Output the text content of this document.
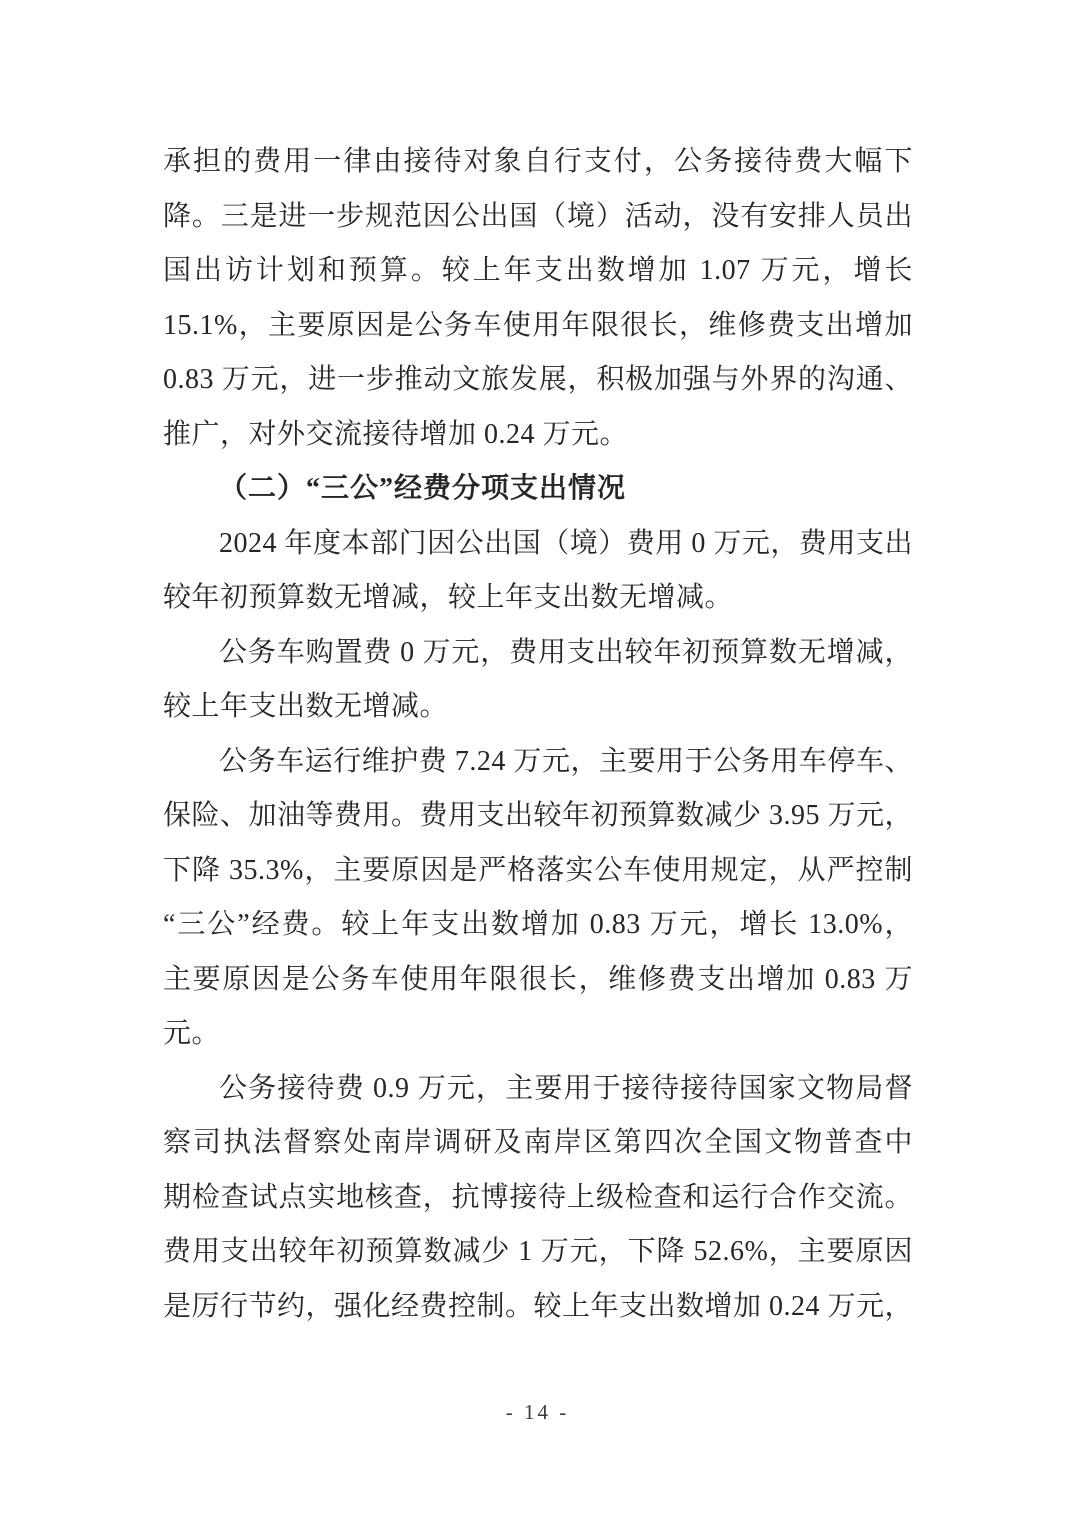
承担的费用一律由接待对象自行支付，公务接待费大幅下
降。三是进一步规范因公出国（境）活动，没有安排人员出
国出访计划和预算。较上年支出数增加 1.07 万元，增长
15.1%，主要原因是公务车使用年限很长，维修费支出增加
0.83 万元，进一步推动文旅发展，积极加强与外界的沟通、
推广，对外交流接待增加 0.24 万元。
（二）“三公”经费分项支出情况
2024 年度本部门因公出国（境）费用 0 万元，费用支出
较年初预算数无增减，较上年支出数无增减。
公务车购置费 0 万元，费用支出较年初预算数无增减，
较上年支出数无增减。
公务车运行维护费 7.24 万元，主要用于公务用车停车、
保险、加油等费用。费用支出较年初预算数减少 3.95 万元，
下降 35.3%，主要原因是严格落实公车使用规定，从严控制
“三公”经费。较上年支出数增加 0.83 万元，增长 13.0%，
主要原因是公务车使用年限很长，维修费支出增加 0.83 万
元。
公务接待费 0.9 万元，主要用于接待接待国家文物局督
察司执法督察处南岸调研及南岸区第四次全国文物普查中
期检查试点实地核查，抗博接待上级检查和运行合作交流。
费用支出较年初预算数减少 1 万元，下降 52.6%，主要原因
是厉行节约，强化经费控制。较上年支出数增加 0.24 万元，
- 14 -
